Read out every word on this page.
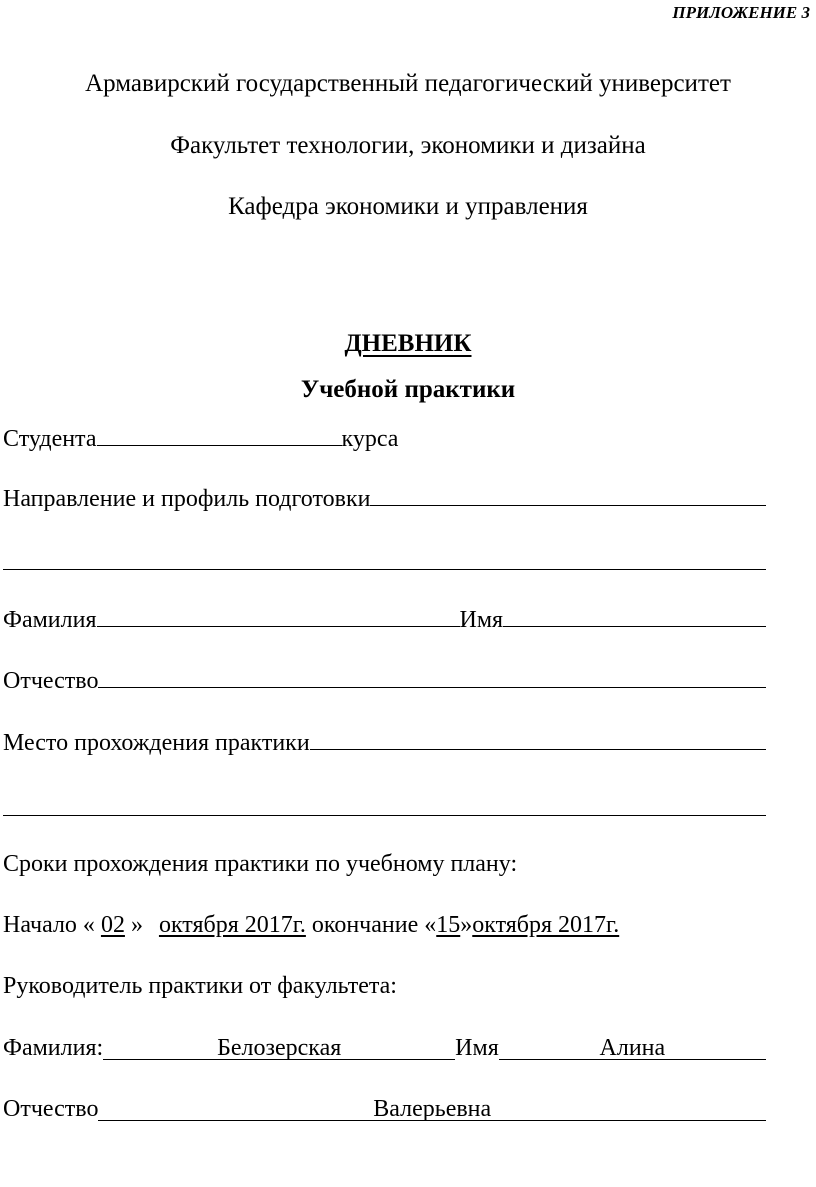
ПРИЛОЖЕНИЕ 3
Армавирский государственный педагогический университет
Факультет технологии, экономики и дизайна
Кафедра экономики и управления
ДНЕВНИК
Учебной практики
Студента	курса
Направление и профиль подготовки
Фамилия	Имя
Отчество
Место прохождения практики
Сроки прохождения практики по учебному плану:
Начало « 02 » октября 2017г. окончание « 15 » октября 2017г.
Руководитель практики от факультета:
Фамилия:	Белозерская	Имя	Алина
Отчество	Валерьевна
